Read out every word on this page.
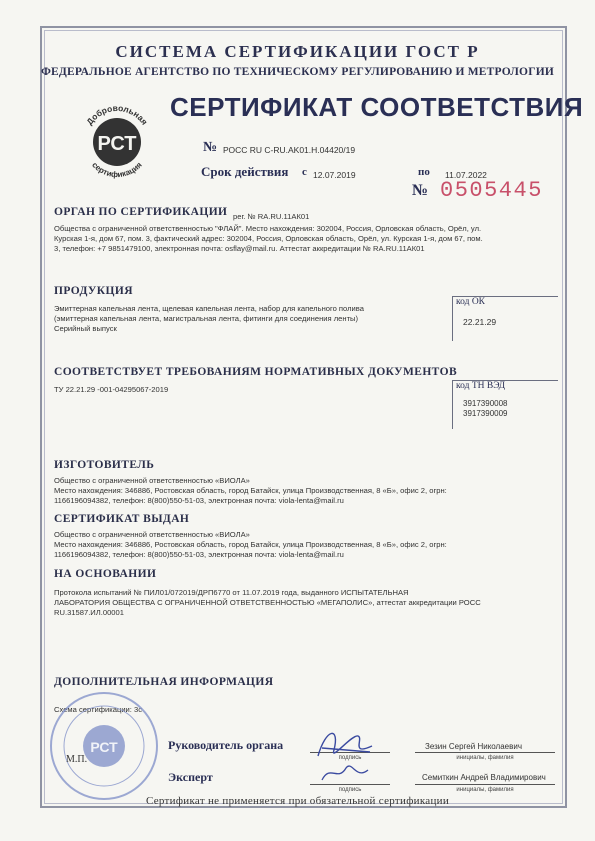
СИСТЕМА СЕРТИФИКАЦИИ ГОСТ Р
ФЕДЕРАЛЬНОЕ АГЕНТСТВО ПО ТЕХНИЧЕСКОМУ РЕГУЛИРОВАНИЮ И МЕТРОЛОГИИ
РСТ
Добровольная
сертификация
СЕРТИФИКАТ СООТВЕТСТВИЯ
№ РОСС RU С-RU.AK01.H.04420/19
Срок действия с 12.07.2019	по 11.07.2022
№ 0505445
ОРГАН ПО СЕРТИФИКАЦИИ рег. № RA.RU.11АК01
Общества с ограниченной ответственностью "ФЛАЙ". Место нахождения: 302004, Россия, Орловская область, Орёл, ул.
Курская 1-я, дом 67, пом. 3, фактический адрес: 302004, Россия, Орловская область, Орёл, ул. Курская 1-я, дом 67, пом.
3, телефон: +7 9851479100, электронная почта: osflay@mail.ru. Аттестат аккредитации № RA.RU.11АК01
ПРОДУКЦИЯ
Эмиттерная капельная лента, щелевая капельная лента, набор для капельного полива
(эмиттерная капельная лента, магистральная лента, фитинги для соединения ленты)
Серийный выпуск
код ОК
22.21.29
СООТВЕТСТВУЕТ ТРЕБОВАНИЯМ НОРМАТИВНЫХ ДОКУМЕНТОВ
ТУ 22.21.29 -001-04295067-2019	код ТН ВЭД
3917390008
3917390009
ИЗГОТОВИТЕЛЬ
Общество с ограниченной ответственностью «ВИОЛА»
Место нахождения: 346886, Ростовская область, город Батайск, улица Производственная, 8 «Б», офис 2, огрн:
1166196094382, телефон: 8(800)550-51-03, электронная почта: viola-lenta@mail.ru
СЕРТИФИКАТ ВЫДАН
Общество с ограниченной ответственностью «ВИОЛА»
Место нахождения: 346886, Ростовская область, город Батайск, улица Производственная, 8 «Б», офис 2, огрн:
1166196094382, телефон: 8(800)550-51-03, электронная почта: viola-lenta@mail.ru
НА ОСНОВАНИИ
Протокола испытаний № ПИЛ01/072019/ДРП6770 от 11.07.2019 года, выданного ИСПЫТАТЕЛЬНАЯ
ЛАБОРАТОРИЯ ОБЩЕСТВА С ОГРАНИЧЕННОЙ ОТВЕТСТВЕННОСТЬЮ «МЕГАПОЛИС», аттестат аккредитации РОСС
RU.31587.ИЛ.00001
ДОПОЛНИТЕЛЬНАЯ ИНФОРМАЦИЯ
Схема сертификации: 3с
РСТ
М.П.
Руководитель органа
подпись
Зезин Сергей Николаевич
инициалы, фамилия
Эксперт
подпись
Семиткин Андрей Владимирович
инициалы, фамилия
Сертификат не применяется при обязательной сертификации
